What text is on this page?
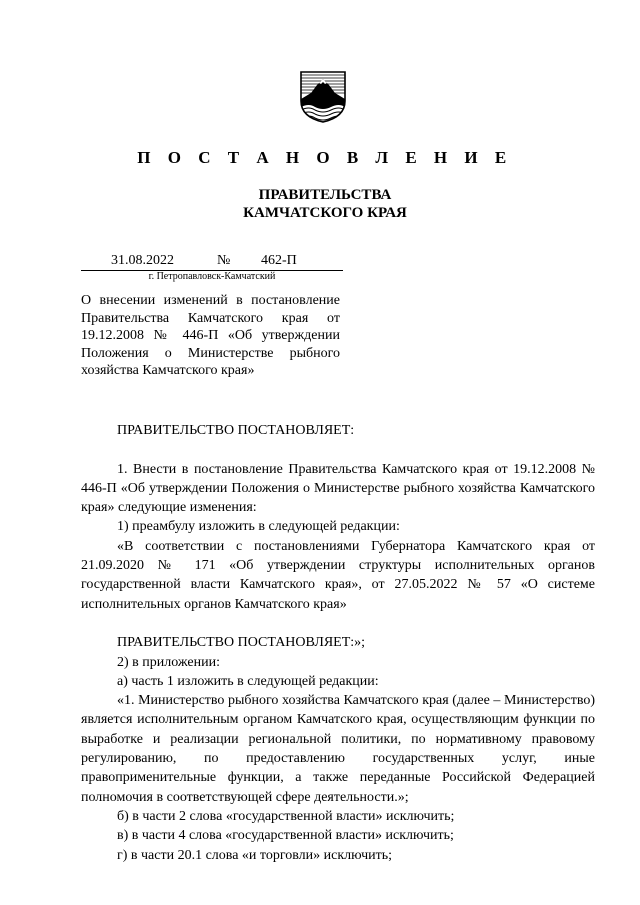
П О С Т А Н О В Л Е Н И Е
ПРАВИТЕЛЬСТВА
КАМЧАТСКОГО КРАЯ
31.08.2022	№ 462-П
г. Петропавловск-Камчатский
О внесении изменений в постановление Правительства Камчатского края от 19.12.2008 № 446-П «Об утверждении Положения о Министерстве рыбного хозяйства Камчатского края»

ПРАВИТЕЛЬСТВО ПОСТАНОВЛЯЕТ:

1. Внести в постановление Правительства Камчатского края от 19.12.2008 № 446-П «Об утверждении Положения о Министерстве рыбного хозяйства Камчатского края» следующие изменения:

1) преамбулу изложить в следующей редакции:

«В соответствии с постановлениями Губернатора Камчатского края от 21.09.2020 № 171 «Об утверждении структуры исполнительных органов государственной власти Камчатского края», от 27.05.2022 № 57 «О системе исполнительных органов Камчатского края»

ПРАВИТЕЛЬСТВО ПОСТАНОВЛЯЕТ:»;

2) в приложении:

а) часть 1 изложить в следующей редакции:

«1. Министерство рыбного хозяйства Камчатского края (далее – Министерство) является исполнительным органом Камчатского края, осуществляющим функции по выработке и реализации региональной политики, по нормативному правовому регулированию, по предоставлению государственных услуг, иные правоприменительные функции, а также переданные Российской Федерацией полномочия в соответствующей сфере деятельности.»;

б) в части 2 слова «государственной власти» исключить;

в) в части 4 слова «государственной власти» исключить;

г) в части 20.1 слова «и торговли» исключить;
